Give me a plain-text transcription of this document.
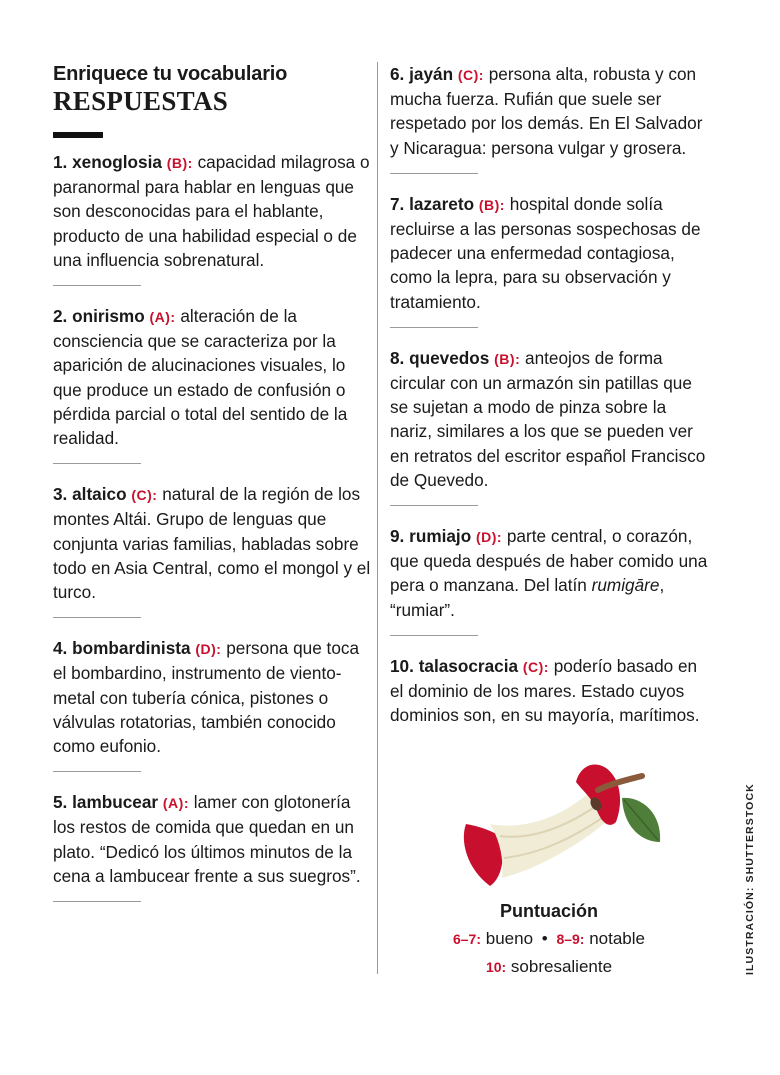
Enriquece tu vocabulario
RESPUESTAS

1. xenoglosia (B): capacidad milagrosa o paranormal para hablar en lenguas que son desconocidas para el hablante, producto de una habilidad especial o de una influencia sobrenatural.

2. onirismo (A): alteración de la consciencia que se caracteriza por la aparición de alucinaciones visuales, lo que produce un estado de confusión o pérdida parcial o total del sentido de la realidad.

3. altaico (C): natural de la región de los montes Altái. Grupo de lenguas que conjunta varias familias, habladas sobre todo en Asia Central, como el mongol y el turco.

4. bombardinista (D): persona que toca el bombardino, instrumento de viento-metal con tubería cónica, pistones o válvulas rotatorias, también conocido como eufonio.

5. lambucear (A): lamer con glotonería los restos de comida que quedan en un plato. “Dedicó los últimos minutos de la cena a lambucear frente a sus suegros”.

6. jayán (C): persona alta, robusta y con mucha fuerza. Rufián que suele ser respetado por los demás. En El Salvador y Nicaragua: persona vulgar y grosera.

7. lazareto (B): hospital donde solía recluirse a las personas sospechosas de padecer una enfermedad contagiosa, como la lepra, para su observación y tratamiento.

8. quevedos (B): anteojos de forma circular con un armazón sin patillas que se sujetan a modo de pinza sobre la nariz, similares a los que se pueden ver en retratos del escritor español Francisco de Quevedo.

9. rumiajo (D): parte central, o corazón, que queda después de haber comido una pera o manzana. Del latín rumigāre, “rumiar”.

10. talasocracia (C): poderío basado en el dominio de los mares. Estado cuyos dominios son, en su mayoría, marítimos.

Puntuación
6–7: bueno • 8–9: notable
10: sobresaliente	ILUSTRACIÓN: SHUTTERSTOCK
